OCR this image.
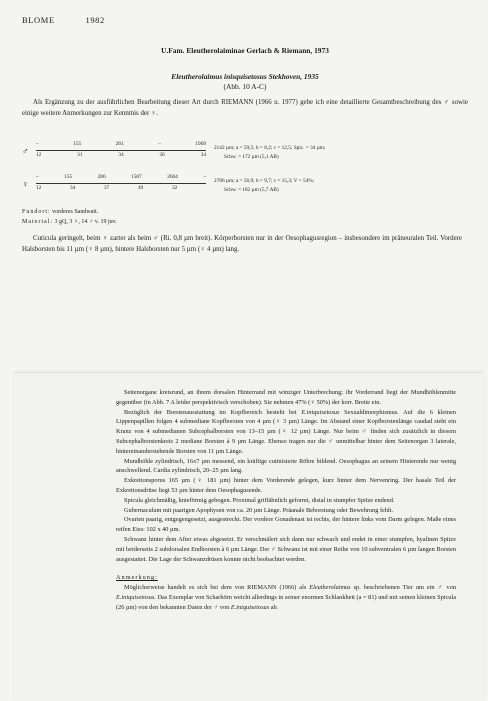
BLOME	1982
U.Fam. Eleutherolaiminae Gerlach & Riemann, 1973
Eleutherolaimus inisquisetosus Stekhoven, 1935
(Abb. 10 A-C)
Als Ergänzung zu der ausführlichen Bearbeitung dieser Art durch RIEMANN (1966 u. 1977) gebe ich eine detaillierte Gesamtbeschreibung des ♂ sowie einige weitere Anmerkungen zur Kenntnis der ♀.
♂
–	155	261	–	1969
12	31	34	36	34
2142 µm; a = 59,5; b = 8,2; c = 12,5; Spic. = 34 µm;
Schw. = 172 µm (5,1 AB)
♀
–	155	286	1507	2604	–
12	34	37	49	32
2786 µm; a = 56,9; b = 9,7; c = 15,3; V = 54%;
Schw. = 182 µm (5,7 AB)
Fundort: vorderes Sandwatt.
Material: 3 gQ, 3 ♀, 14 ♂ v. 19 juv.
Cuticula geringelt, beim ♀ zarter als beim ♂ (Ri. 0,8 µm breit). Körperborsten nur in der Oesophagusregion – insbesondere im präneuralen Teil. Vordere Halsborsten bis 11 µm (♀ 8 µm), hintere Halsborsten nur 5 µm (♀ 4 µm) lang.

Seitenorgane kreisrund, an ihrem dorsalen Hinterrand mit winziger Unterbrechung; ihr Vorderrand liegt der Mundhöhlenmitte gegenüber (in Abb. 7 A leider perspektivisch verschoben). Sie nehmen 47% (♀ 50%) der korr. Breite ein.

Bezüglich der Borstenausstattung im Kopfbereich besteht bei E.iniquisetosus Sexualdimorphismus. Auf die 6 kleinen Lippenpapillen folgen 4 submediane Kopfborsten von 4 µm (♀ 3 µm) Länge. Im Abstand einer Kopfborstenlänge caudad steht ein Kranz von 4 submedianen Subcephalborsten von 13–15 µm (♀ 12 µm) Länge. Nur beim ♂ finden sich zusätzlich in diesem Subcephalborstenkreis 2 mediane Borsten à 9 µm Länge. Ebenso tragen nur die ♂ unmittelbar hinter dem Seitenorgan 3 laterale, hintereinanderstehende Borsten von 11 µm Länge.

Mundhöhle zylindrisch, 16x7 µm messend, ein kräftige cutinisierte Röhre bildend. Oesophagus an seinem Hinterende nur wenig anschwellend. Cardia zylindrisch, 20–25 µm lang.

Exkretionsporus 165 µm (♀ 181 µm) hinter dem Vorderende gelegen, kurz hinter dem Nervenring. Der basale Teil der Exkretionsdrüse liegt 53 µm hinter dem Oesophagusende.

Spicula gleichmäßig, knieförmig gebogen. Proximal griffähnlich geformt, distal in stumpfer Spitze endend.

Gubernaculum mit paarigen Apophysen von ca. 20 µm Länge. Präanale Beborstung oder Bewehrung fehlt.

Ovarien paarig, entgegengesetzt, ausgestreckt. Der vordere Gonadenast ist rechts, der hintere links vom Darm gelegen. Maße eines reifen Eies: 102 x 40 µm.

Schwanz hinter dem After etwas abgesetzt. Er verschmälert sich dann nur schwach und endet in einer stumpfen, hyalinen Spitze mit beiderseits 2 subdorsalen Endborsten à 6 µm Länge. Der ♂ Schwanz ist mit einer Reihe von 10 subventralen 6 µm langen Borsten ausgestattet. Die Lage der Schwanzdrüsen konnte nicht beobachtet werden.

Anmerkung:

Möglicherweise handelt es sich bei dem von RIEMANN (1966) als Eleutherolaimus sp. beschriebenen Tier um ein ♂ von E.iniquisetosus. Das Exemplar von Scharhörn weicht allerdings in seiner enormen Schlankheit (a = 81) und mit seinen kleinen Spicula (26 µm) von den bekannten Daten der ♂ von E.iniquisetosus ab.
